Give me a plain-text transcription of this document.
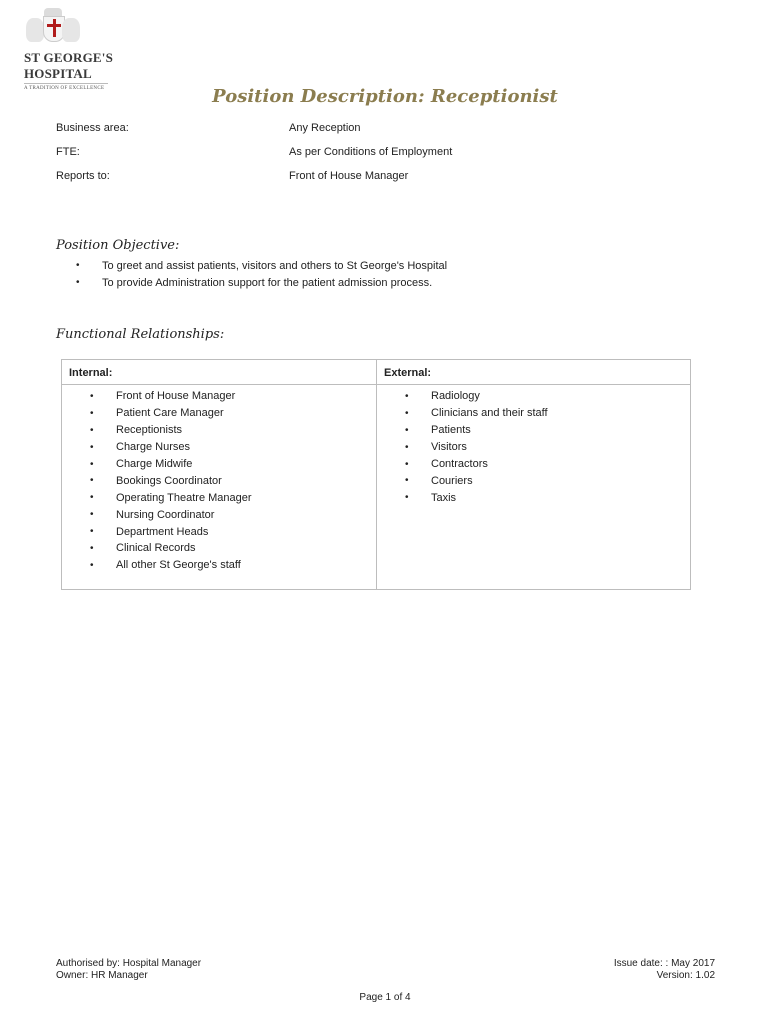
ST GEORGE'S
HOSPITAL
A TRADITION OF EXCELLENCE	Position Description: Receptionist
Business area:	Any Reception
FTE:	As per Conditions of Employment
Reports to:	Front of House Manager
Position Objective:
•	To greet and assist patients, visitors and others to St George's Hospital
•	To provide Administration support for the patient admission process.
Functional Relationships:
Internal:
•	Front of House Manager
•	Patient Care Manager
•	Receptionists
•	Charge Nurses
•	Charge Midwife
•	Bookings Coordinator
•	Operating Theatre Manager
•	Nursing Coordinator
•	Department Heads
•	Clinical Records
•	All other St George's staff
External:
•	Radiology
•	Clinicians and their staff
•	Patients
•	Visitors
•	Contractors
•	Couriers
•	Taxis
Authorised by: Hospital Manager
Owner: HR Manager
Issue date: : May 2017
Version: 1.02
Page 1 of 4
